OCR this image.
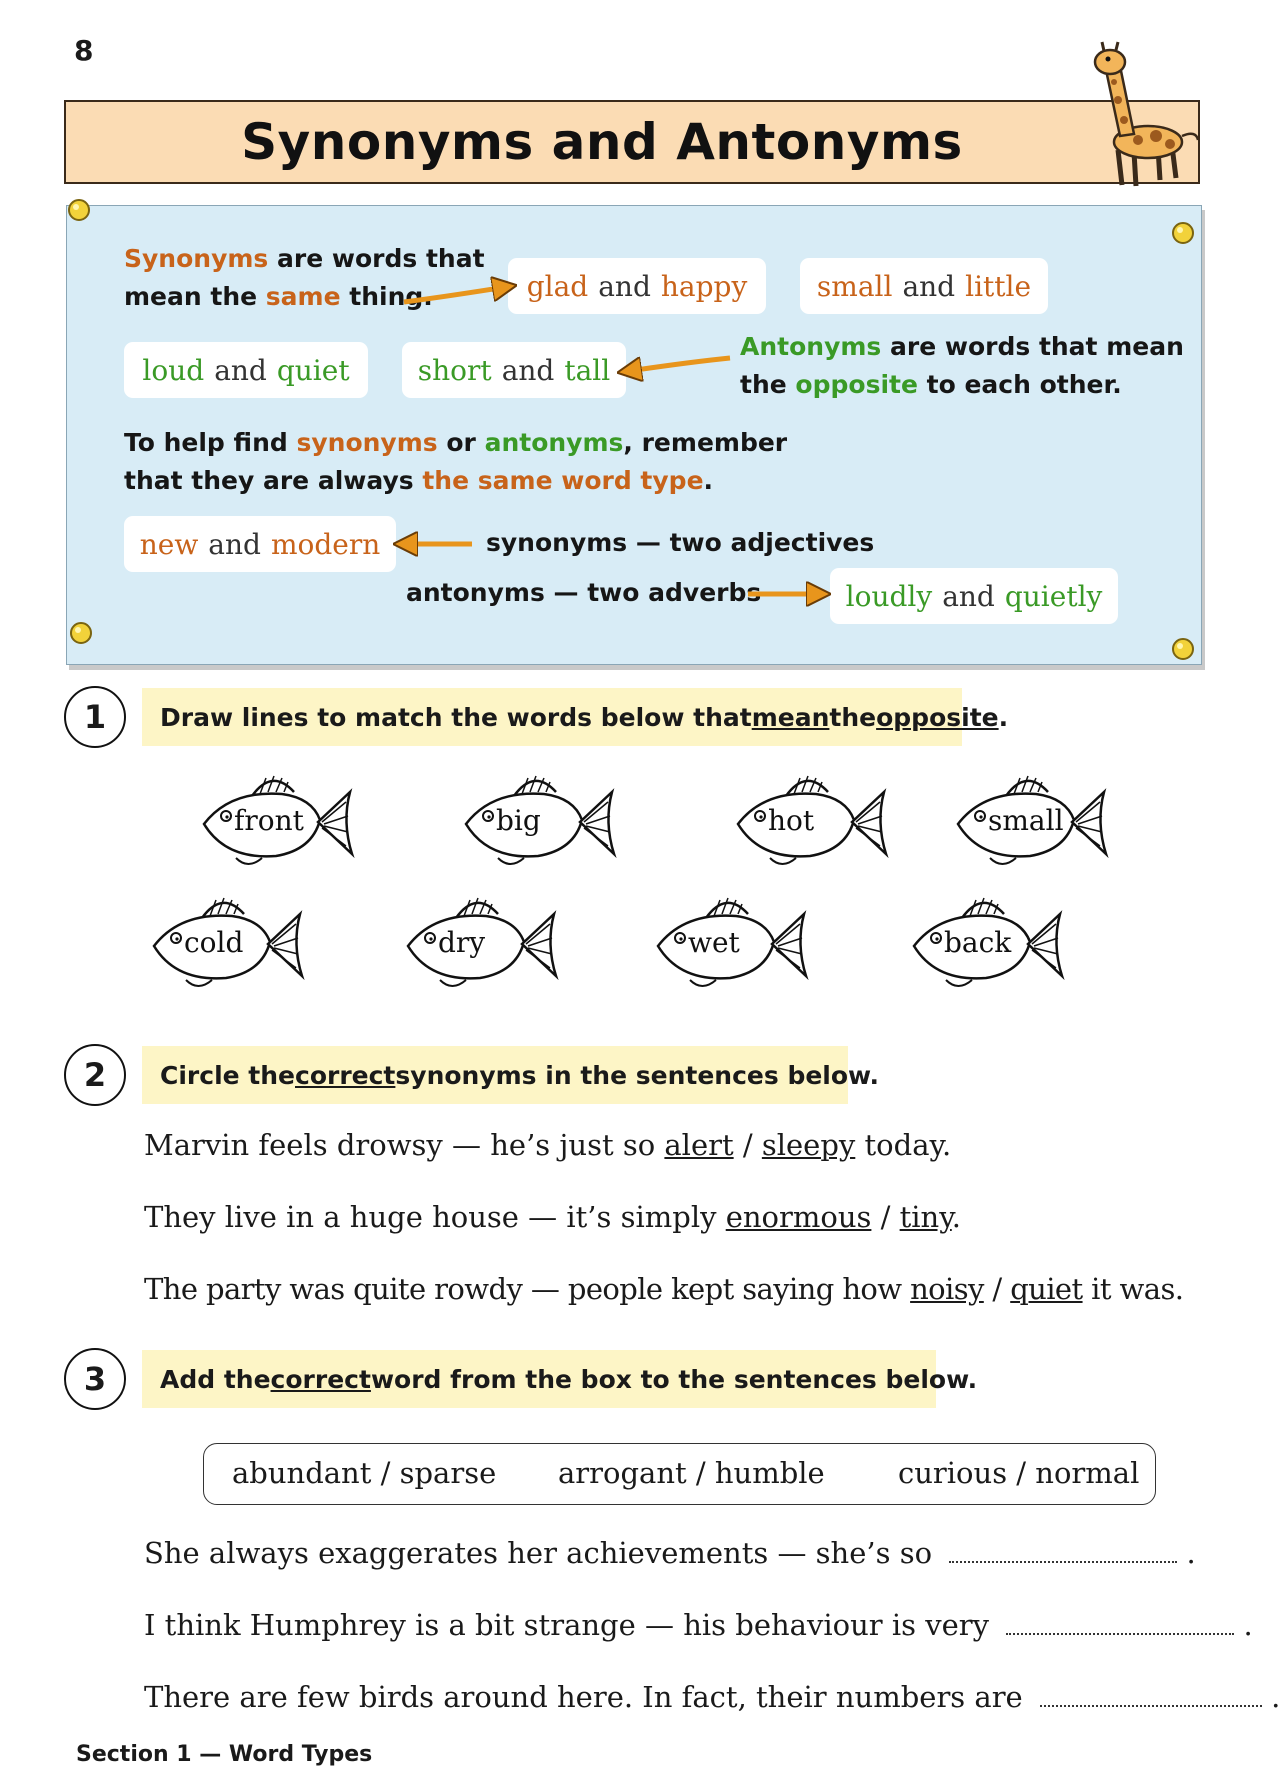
8
Synonyms and Antonyms
Synonyms are words that
mean the same thing.
Antonyms are words that mean
the opposite to each other.
glad and happy small and little
loud and quiet short and tall
new and modern
loudly and quietly
To help find synonyms or antonyms, remember
that they are always the same word type.
synonyms — two adjectives
antonyms — two adverbs
1	Draw lines to match the words below that mean the opposite .
front	big	hot	small
cold	dry	wet	back
2	Circle the correct synonyms in the sentences below.
Marvin feels drowsy — he’s just so alert / sleepy today.
They live in a huge house — it’s simply enormous / tiny.
The party was quite rowdy — people kept saying how noisy / quiet it was.
3	Add the correct word from the box to the sentences below.
abundant / sparse arrogant / humble	curious / normal
She always exaggerates her achievements — she’s so	.
I think Humphrey is a bit strange — his behaviour is very	.
There are few birds around here. In fact, their numbers are	.
Section 1 — Word Types
